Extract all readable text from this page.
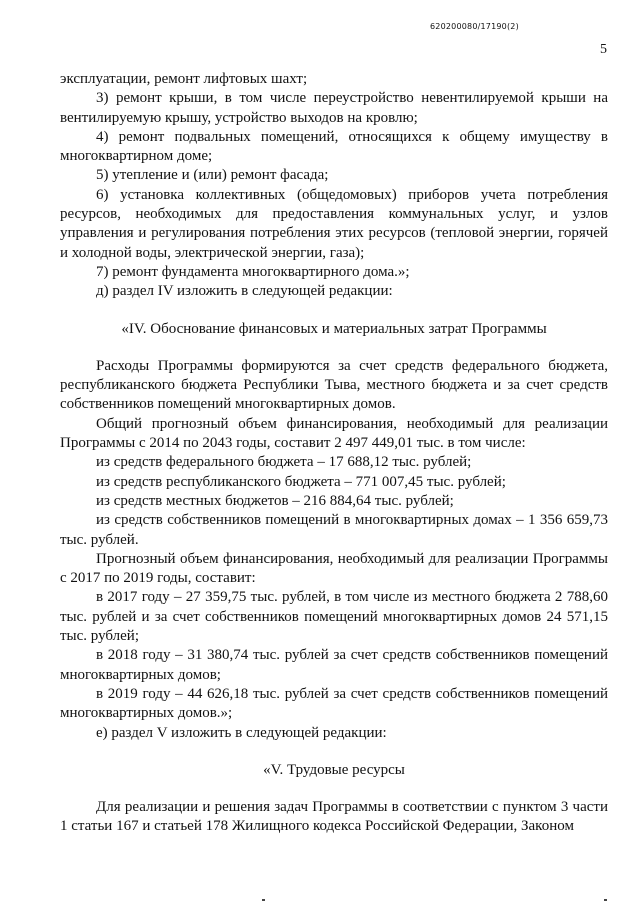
620200080/17190(2)
5

эксплуатации, ремонт лифтовых шахт;

3) ремонт крыши, в том числе переустройство невентилируемой крыши на вентилируемую крышу, устройство выходов на кровлю;

4) ремонт подвальных помещений, относящихся к общему имуществу в многоквартирном доме;

5) утепление и (или) ремонт фасада;

6) установка коллективных (общедомовых) приборов учета потребления ресурсов, необходимых для предоставления коммунальных услуг, и узлов управления и регулирования потребления этих ресурсов (тепловой энергии, горячей и холодной воды, электрической энергии, газа);

7) ремонт фундамента многоквартирного дома.»;

д) раздел IV изложить в следующей редакции:

«IV. Обоснование финансовых и материальных затрат Программы

Расходы Программы формируются за счет средств федерального бюджета, республиканского бюджета Республики Тыва, местного бюджета и за счет средств собственников помещений многоквартирных домов.

Общий прогнозный объем финансирования, необходимый для реализации Программы с 2014 по 2043 годы, составит 2 497 449,01 тыс. в том числе:

из средств федерального бюджета – 17 688,12 тыс. рублей;

из средств республиканского бюджета – 771 007,45 тыс. рублей;

из средств местных бюджетов – 216 884,64 тыс. рублей;

из средств собственников помещений в многоквартирных домах – 1 356 659,73 тыс. рублей.

Прогнозный объем финансирования, необходимый для реализации Программы с 2017 по 2019 годы, составит:

в 2017 году – 27 359,75 тыс. рублей, в том числе из местного бюджета 2 788,60 тыс. рублей и за счет собственников помещений многоквартирных домов 24 571,15 тыс. рублей;

в 2018 году – 31 380,74 тыс. рублей за счет средств собственников помещений многоквартирных домов;

в 2019 году – 44 626,18 тыс. рублей за счет средств собственников помещений многоквартирных домов.»;

е) раздел V изложить в следующей редакции:

«V. Трудовые ресурсы

Для реализации и решения задач Программы в соответствии с пунктом 3 части 1 статьи 167 и статьей 178 Жилищного кодекса Российской Федерации, Законом
